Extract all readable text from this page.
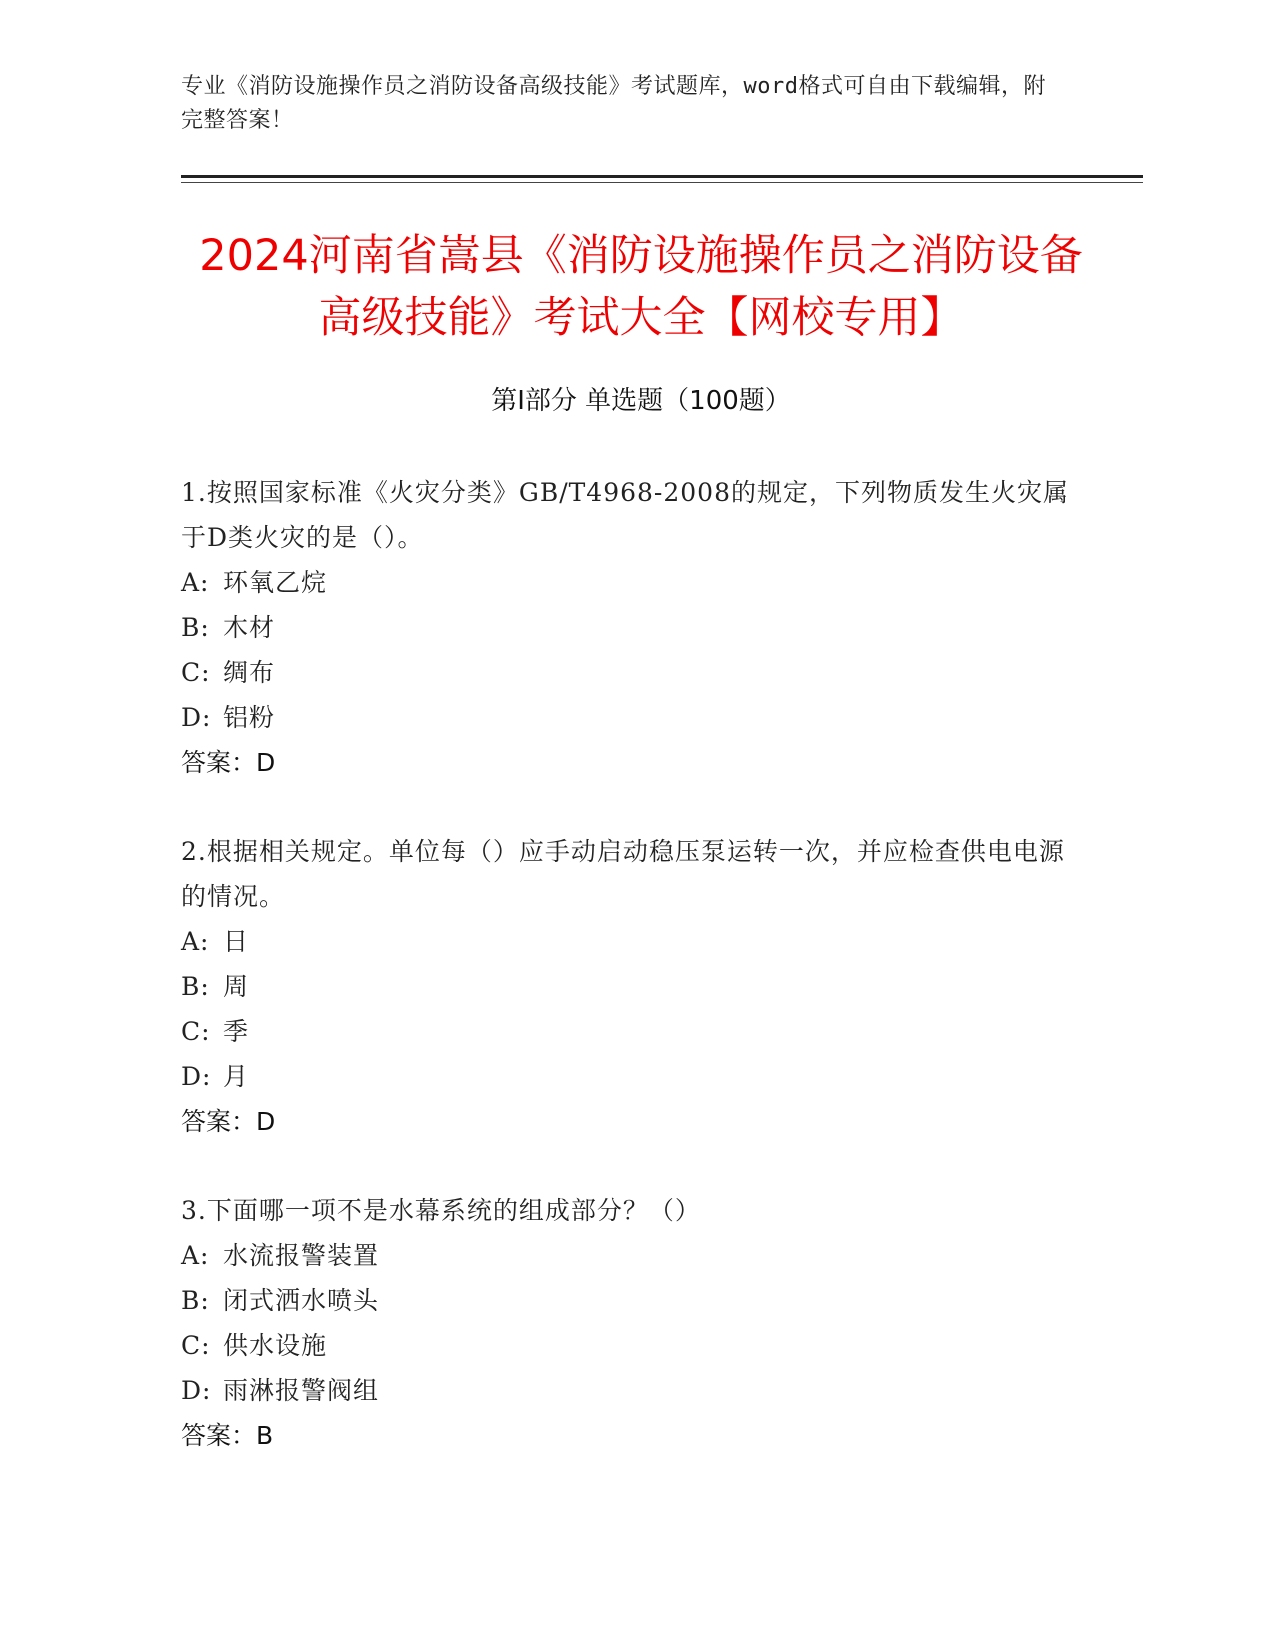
专业《消防设施操作员之消防设备高级技能》考试题库，word格式可自由下载编辑，附完整答案！
2024河南省嵩县《消防设施操作员之消防设备高级技能》考试大全【网校专用】
第I部分 单选题（100题）
1.按照国家标准《火灾分类》GB/T4968-2008的规定，下列物质发生火灾属于D类火灾的是（）。
A: 环氧乙烷
B: 木材
C: 绸布
D: 铝粉
答案：D
2.根据相关规定。单位每（）应手动启动稳压泵运转一次，并应检查供电电源的情况。
A: 日
B: 周
C: 季
D: 月
答案：D
3.下面哪一项不是水幕系统的组成部分？（）
A: 水流报警装置
B: 闭式洒水喷头
C: 供水设施
D: 雨淋报警阀组
答案：B
